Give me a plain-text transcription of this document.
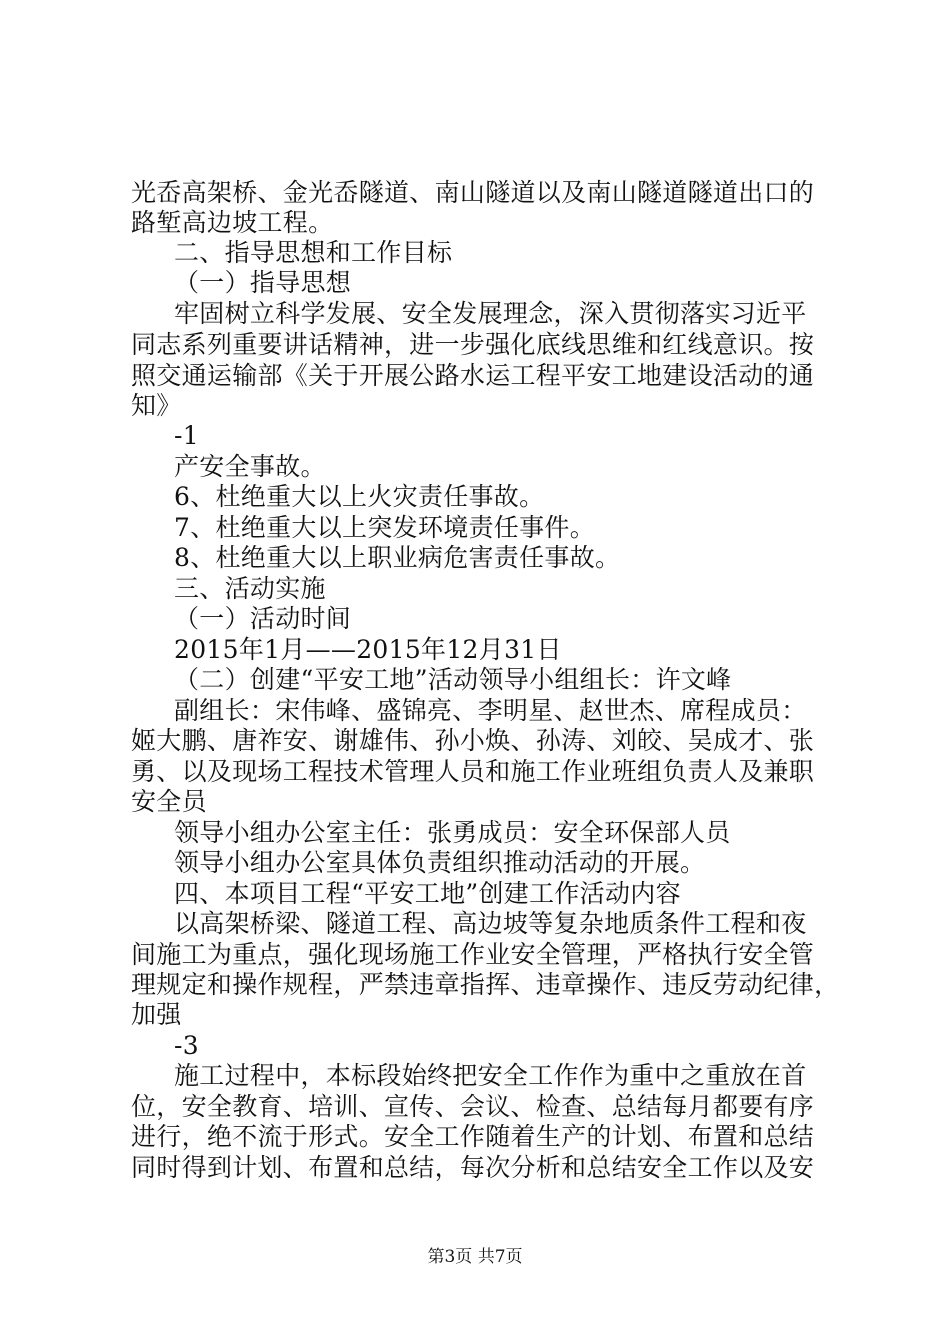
光岙高架桥、金光岙隧道、南山隧道以及南山隧道隧道出口的
路堑高边坡工程。
二、指导思想和工作目标
（一）指导思想
牢固树立科学发展、安全发展理念，深入贯彻落实习近平
同志系列重要讲话精神，进一步强化底线思维和红线意识。按
照交通运输部《关于开展公路水运工程平安工地建设活动的通
知》
-1
产安全事故。
6、杜绝重大以上火灾责任事故。
7、杜绝重大以上突发环境责任事件。
8、杜绝重大以上职业病危害责任事故。
三、活动实施
（一）活动时间
2015年1月——2015年12月31日
（二）创建“平安工地”活动领导小组组长：许文峰
副组长：宋伟峰、盛锦亮、李明星、赵世杰、席程成员：
姬大鹏、唐祚安、谢雄伟、孙小焕、孙涛、刘皎、吴成才、张
勇、以及现场工程技术管理人员和施工作业班组负责人及兼职
安全员
领导小组办公室主任：张勇成员：安全环保部人员
领导小组办公室具体负责组织推动活动的开展。
四、本项目工程“平安工地”创建工作活动内容
以高架桥梁、隧道工程、高边坡等复杂地质条件工程和夜
间施工为重点，强化现场施工作业安全管理，严格执行安全管
理规定和操作规程，严禁违章指挥、违章操作、违反劳动纪律，
加强
-3
施工过程中，本标段始终把安全工作作为重中之重放在首
位，安全教育、培训、宣传、会议、检查、总结每月都要有序
进行，绝不流于形式。安全工作随着生产的计划、布置和总结
同时得到计划、布置和总结，每次分析和总结安全工作以及安
第3页 共7页
